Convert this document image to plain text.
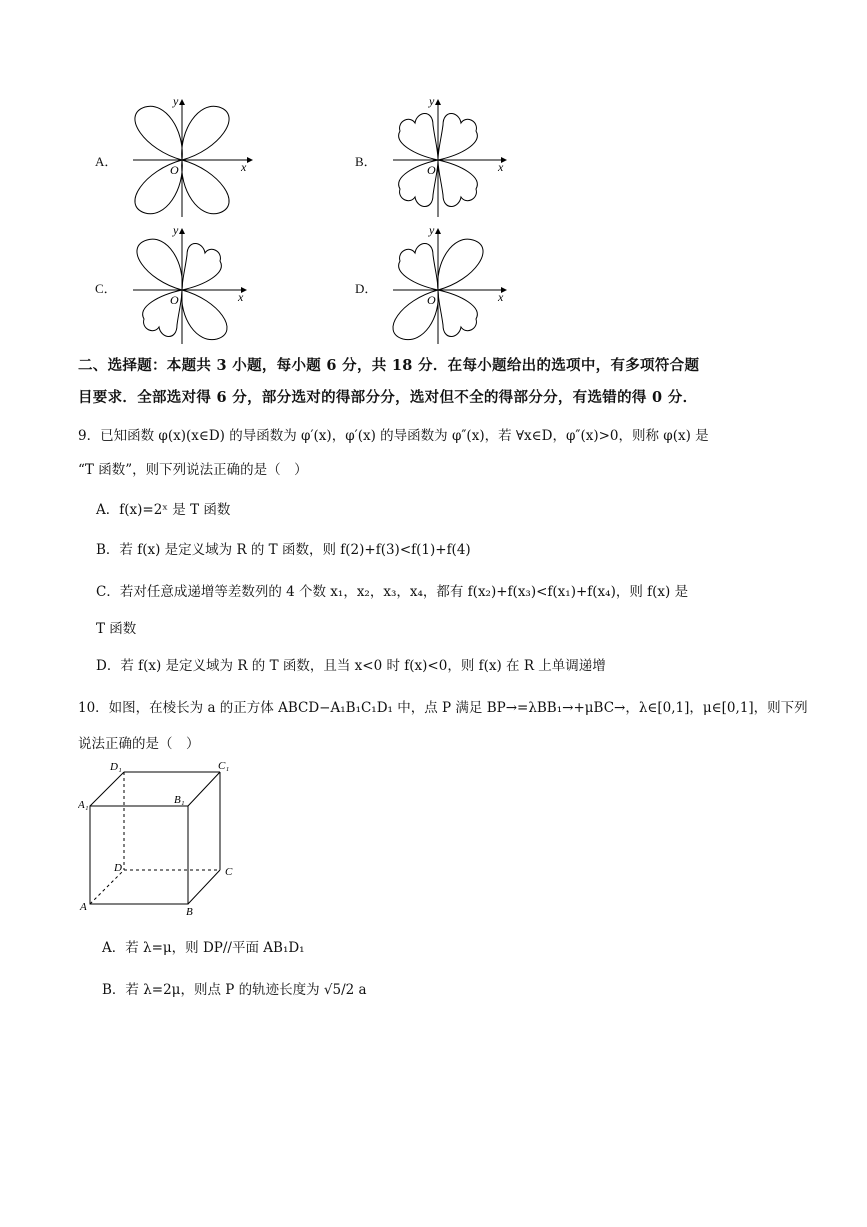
A．
y
x
O
B．
y
x
O
C．
y
x
O
D．
y
x
O
二、选择题：本题共 3 小题，每小题 6 分，共 18 分．在每小题给出的选项中，有多项符合题
目要求．全部选对得 6 分，部分选对的得部分分，选对但不全的得部分分，有选错的得 0 分．
9．已知函数 φ(x)(x∈D) 的导函数为 φ′(x)，φ′(x) 的导函数为 φ″(x)，若 ∀x∈D，φ″(x)>0，则称 φ(x) 是
“T 函数”，则下列说法正确的是（　）
A．f(x)=2ˣ 是 T 函数
B．若 f(x) 是定义域为 R 的 T 函数，则 f(2)+f(3)<f(1)+f(4)
C．若对任意成递增等差数列的 4 个数 x₁，x₂，x₃，x₄，都有 f(x₂)+f(x₃)<f(x₁)+f(x₄)，则 f(x) 是
T 函数
D．若 f(x) 是定义域为 R 的 T 函数，且当 x<0 时 f(x)<0，则 f(x) 在 R 上单调递增
10．如图，在棱长为 a 的正方体 ABCD−A₁B₁C₁D₁ 中，点 P 满足 BP→=λBB₁→+μBC→，λ∈[0,1]，μ∈[0,1]，则下列
说法正确的是（　）
D₁	C₁
A₁	B₁
D	C
A	B
A．若 λ=μ，则 DP//平面 AB₁D₁
B．若 λ=2μ，则点 P 的轨迹长度为 √5/2 a
